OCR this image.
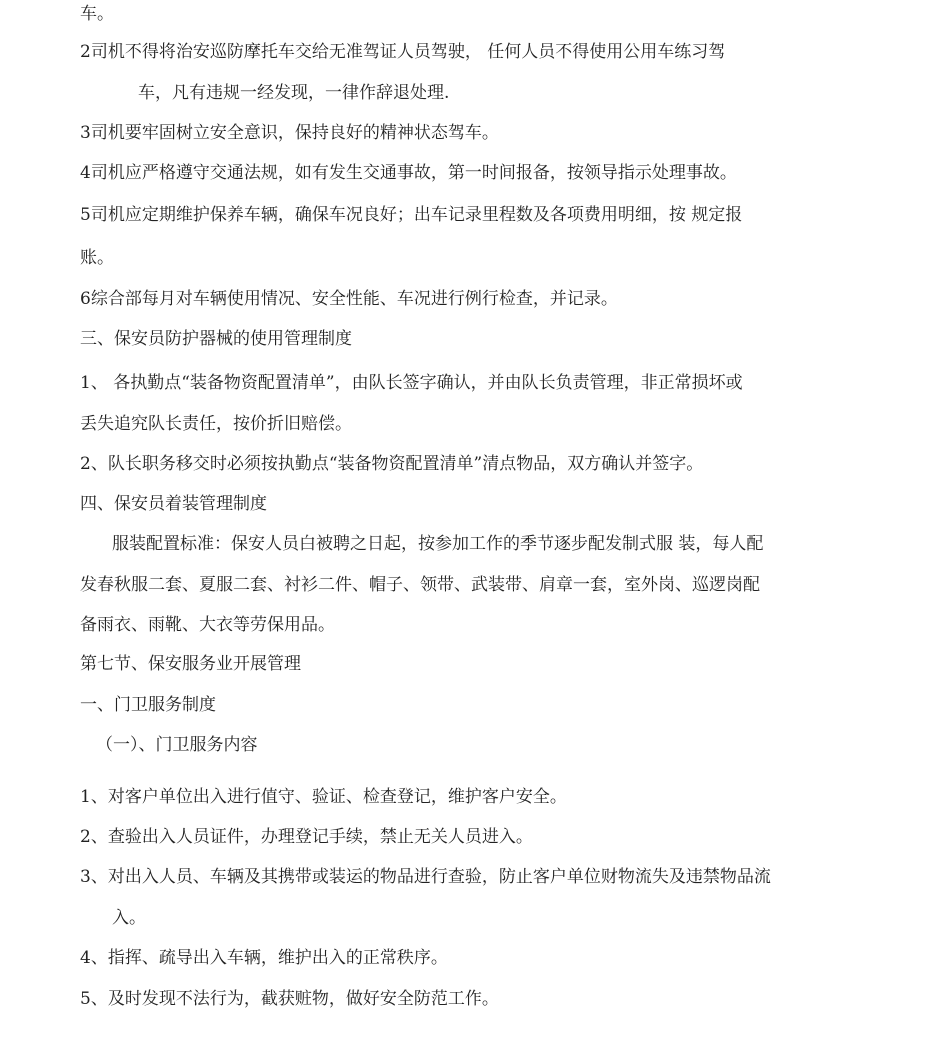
车。
2司机不得将治安巡防摩托车交给无准驾证人员驾驶， 任何人员不得使用公用车练习驾
车，凡有违规一经发现，一律作辞退处理.
3司机要牢固树立安全意识，保持良好的精神状态驾车。
4司机应严格遵守交通法规，如有发生交通事故，第一时间报备，按领导指示处理事故。
5司机应定期维护保养车辆，确保车况良好；出车记录里程数及各项费用明细，按 规定报
账。
6综合部每月对车辆使用情况、安全性能、车况进行例行检查，并记录。
三、保安员防护器械的使用管理制度
1、 各执勤点“装备物资配置清单”，由队长签字确认，并由队长负责管理，非正常损坏或
丢失追究队长责任，按价折旧赔偿。
2、队长职务移交时必须按执勤点“装备物资配置清单”清点物品，双方确认并签字。
四、保安员着装管理制度
服装配置标准：保安人员白被聘之日起，按参加工作的季节逐步配发制式服 装，每人配
发春秋服二套、夏服二套、衬衫二件、帽子、领带、武装带、肩章一套，室外岗、巡逻岗配
备雨衣、雨靴、大衣等劳保用品。
第七节、保安服务业开展管理
一、门卫服务制度
（一）、门卫服务内容
1、对客户单位出入进行值守、验证、检查登记，维护客户安全。
2、查验出入人员证件，办理登记手续，禁止无关人员进入。
3、对出入人员、车辆及其携带或装运的物品进行查验，防止客户单位财物流失及违禁物品流
入。
4、指挥、疏导出入车辆，维护出入的正常秩序。
5、及时发现不法行为，截获赃物，做好安全防范工作。
